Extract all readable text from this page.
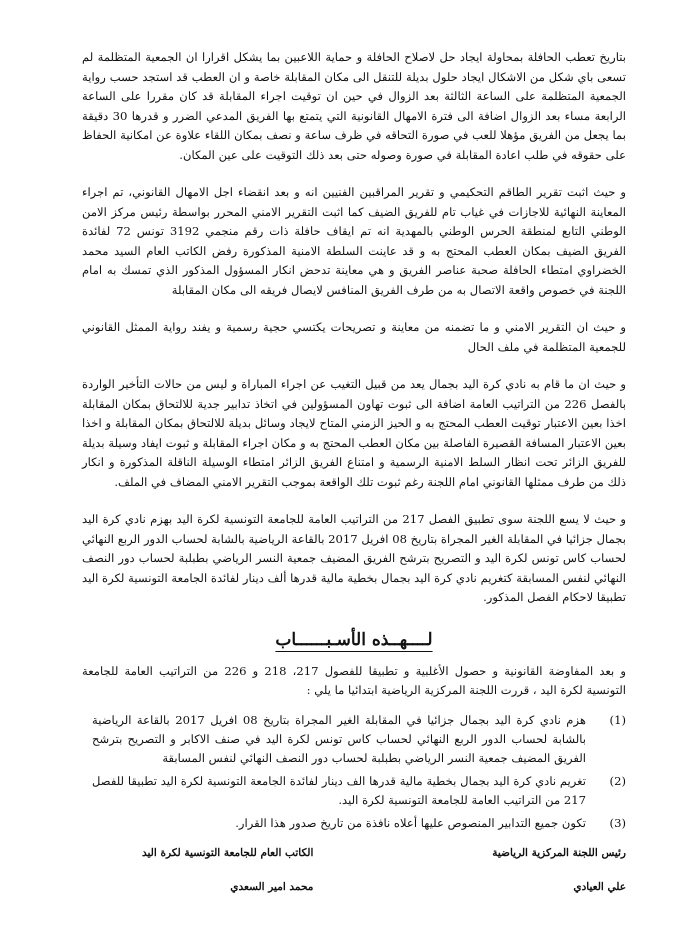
بتاريخ تعطب الحافلة بمحاولة ايجاد حل لاصلاح الحافلة و حماية اللاعبين بما يشكل اقرارا ان الجمعية المتظلمة لم تسعى باي شكل من الاشكال ايجاد حلول بديلة للتنقل الى مكان المقابلة خاصة و ان العطب قد استجد حسب رواية الجمعية المتظلمة على الساعة الثالثة بعد الزوال في حين ان توقيت اجراء المقابلة قد كان مقررا على الساعة الرابعة مساء بعد الزوال اضافة الى فترة الامهال القانونية التي يتمتع بها الفريق المدعي الضرر و قدرها 30 دقيقة بما يجعل من الفريق مؤهلا للعب في صورة التحاقه في ظرف ساعة و نصف بمكان اللقاء علاوة عن امكانية الحفاظ على حقوقه في طلب اعادة المقابلة في صورة وصوله حتى بعد ذلك التوقيت على عين المكان.

و حيث اثبت تقرير الطاقم التحكيمي و تقرير المراقبين الفنيين انه و بعد انقضاء اجل الامهال القانوني، تم اجراء المعاينة النهائية للاجازات في غياب تام للفريق الضيف كما اثبت التقرير الامني المحرر بواسطة رئيس مركز الامن الوطني التابع لمنطقة الحرس الوطني بالمهدية انه تم ايقاف حافلة ذات رقم منجمي 3192 تونس 72 لفائدة الفريق الضيف بمكان العطب المحتج به و قد عاينت السلطة الامنية المذكورة رفض الكاتب العام السيد محمد الخضراوي امتطاء الحافلة صحبة عناصر الفريق و هي معاينة تدحض انكار المسؤول المذكور الذي تمسك به امام اللجنة في خصوص واقعة الاتصال به من طرف الفريق المنافس لايصال فريقه الى مكان المقابلة

و حيث ان التقرير الامني و ما تضمنه من معاينة و تصريحات يكتسي حجية رسمية و يفند رواية الممثل القانوني للجمعية المتظلمة في ملف الحال

و حيث ان ما قام به نادي كرة اليد بجمال يعد من قبيل التغيب عن اجراء المباراة و ليس من حالات التأخير الواردة بالفصل 226 من التراتيب العامة اضافة الى ثبوت تهاون المسؤولين في اتخاذ تدابير جدية للالتحاق بمكان المقابلة اخذا بعين الاعتبار توقيت العطب المحتج به و الحيز الزمني المتاح لايجاد وسائل بديلة للالتحاق بمكان المقابلة و اخذا بعين الاعتبار المسافة القصيرة الفاصلة بين مكان العطب المحتج به و مكان اجراء المقابلة و ثبوت ايفاد وسيلة بديلة للفريق الزائر تحت انظار السلط الامنية الرسمية و امتناع الفريق الزائر امتطاء الوسيلة الناقلة المذكورة و انكار ذلك من طرف ممثلها القانوني امام اللجنة رغم ثبوت تلك الواقعة بموجب التقرير الامني المضاف في الملف.

و حيث لا يسع اللجنة سوى تطبيق الفصل 217 من التراتيب العامة للجامعة التونسية لكرة اليد بهزم نادي كرة اليد بجمال جزائيا في المقابلة الغير المجراة بتاريخ 08 افريل 2017 بالقاعة الرياضية بالشابة لحساب الدور الربع النهائي لحساب كاس تونس لكرة اليد و التصريح بترشح الفريق المضيف جمعية النسر الرياضي بطبلبة لحساب دور النصف النهائي لنفس المسابقة كتغريم نادي كرة اليد بجمال بخطية مالية قدرها ألف دينار لفائدة الجامعة التونسية لكرة اليد تطبيقا لاحكام الفصل المذكور.

لــــهــذه الأسـبــــــاب

و بعد المفاوضة القانونية و حصول الأغلبية و تطبيقا للفصول 217، 218 و 226 من التراتيب العامة للجامعة التونسية لكرة اليد ، قررت اللجنة المركزية الرياضية ابتدائيا ما يلي :

(1)
هزم نادي كرة اليد بجمال جزائيا في المقابلة الغير المجراة بتاريخ 08 افريل 2017 بالقاعة الرياضية بالشابة لحساب الدور الربع النهائي لحساب كاس تونس لكرة اليد في صنف الاكابر و التصريح بترشح الفريق المضيف جمعية النسر الرياضي بطبلبة لحساب دور النصف النهائي لنفس المسابقة
(2)
تغريم نادي كرة اليد بجمال بخطية مالية قدرها الف دينار لفائدة الجامعة التونسية لكرة اليد تطبيقا للفصل 217 من التراتيب العامة للجامعة التونسية لكرة اليد.
(3)
تكون جميع التدابير المنصوص عليها أعلاه نافذة من تاريخ صدور هذا القرار.
رئيس اللجنة المركزية الرياضية
علي العيادي
الكاتب العام للجامعة التونسية لكرة اليد
محمد امير السعدي
